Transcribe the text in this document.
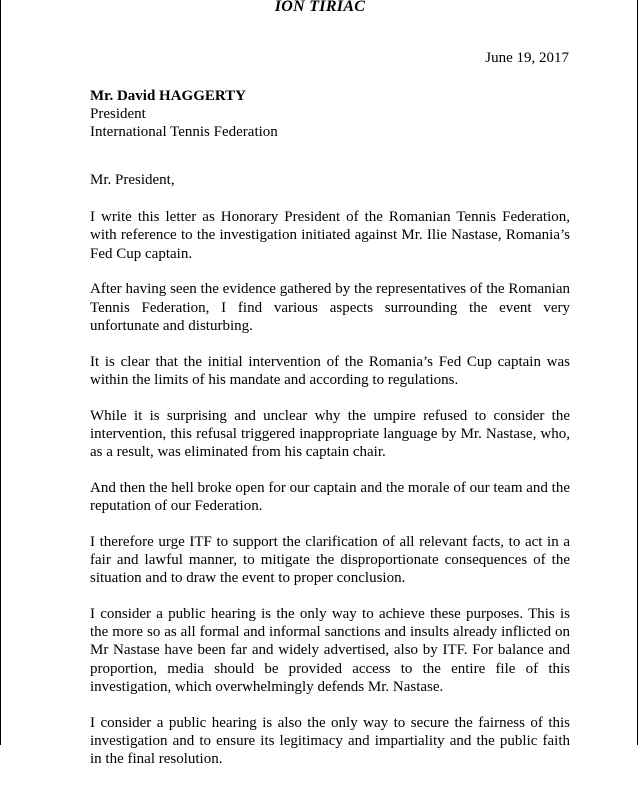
ION TIRIAC
June 19, 2017
Mr. David HAGGERTY
President
International Tennis Federation

Mr. President,

I write this letter as Honorary President of the Romanian Tennis Federation, with reference to the investigation initiated against Mr. Ilie Nastase, Romania’s Fed Cup captain.

After having seen the evidence gathered by the representatives of the Romanian Tennis Federation, I find various aspects surrounding the event very unfortunate and disturbing.

It is clear that the initial intervention of the Romania’s Fed Cup captain was within the limits of his mandate and according to regulations.

While it is surprising and unclear why the umpire refused to consider the intervention, this refusal triggered inappropriate language by Mr. Nastase, who, as a result, was eliminated from his captain chair.

And then the hell broke open for our captain and the morale of our team and the reputation of our Federation.

I therefore urge ITF to support the clarification of all relevant facts, to act in a fair and lawful manner, to mitigate the disproportionate consequences of the situation and to draw the event to proper conclusion.

I consider a public hearing is the only way to achieve these purposes. This is the more so as all formal and informal sanctions and insults already inflicted on Mr Nastase have been far and widely advertised, also by ITF. For balance and proportion, media should be provided access to the entire file of this investigation, which overwhelmingly defends Mr. Nastase.

I consider a public hearing is also the only way to secure the fairness of this investigation and to ensure its legitimacy and impartiality and the public faith in the final resolution.
